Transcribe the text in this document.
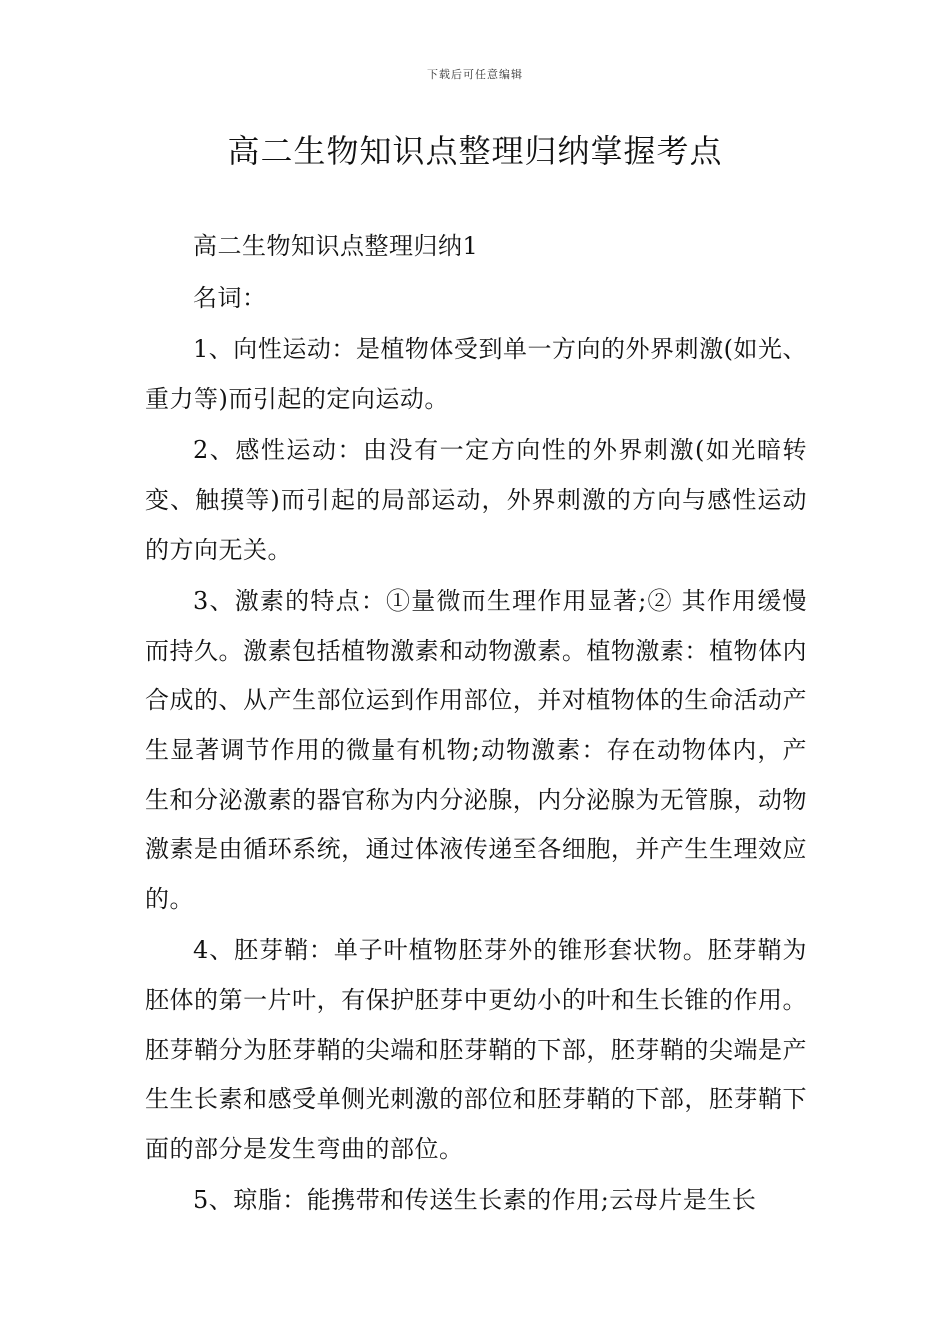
下载后可任意编辑
高二生物知识点整理归纳掌握考点

高二生物知识点整理归纳1

名词：

1、向性运动：是植物体受到单一方向的外界刺激(如光、重力等)而引起的定向运动。

2、感性运动：由没有一定方向性的外界刺激(如光暗转变、触摸等)而引起的局部运动，外界刺激的方向与感性运动的方向无关。

3、激素的特点：①量微而生理作用显著;② 其作用缓慢而持久。激素包括植物激素和动物激素。植物激素：植物体内合成的、从产生部位运到作用部位，并对植物体的生命活动产生显著调节作用的微量有机物;动物激素：存在动物体内，产生和分泌激素的器官称为内分泌腺，内分泌腺为无管腺，动物激素是由循环系统，通过体液传递至各细胞，并产生生理效应的。

4、胚芽鞘：单子叶植物胚芽外的锥形套状物。胚芽鞘为胚体的第一片叶，有保护胚芽中更幼小的叶和生长锥的作用。胚芽鞘分为胚芽鞘的尖端和胚芽鞘的下部，胚芽鞘的尖端是产生生长素和感受单侧光刺激的部位和胚芽鞘的下部，胚芽鞘下面的部分是发生弯曲的部位。

5、琼脂：能携带和传送生长素的作用;云母片是生长
